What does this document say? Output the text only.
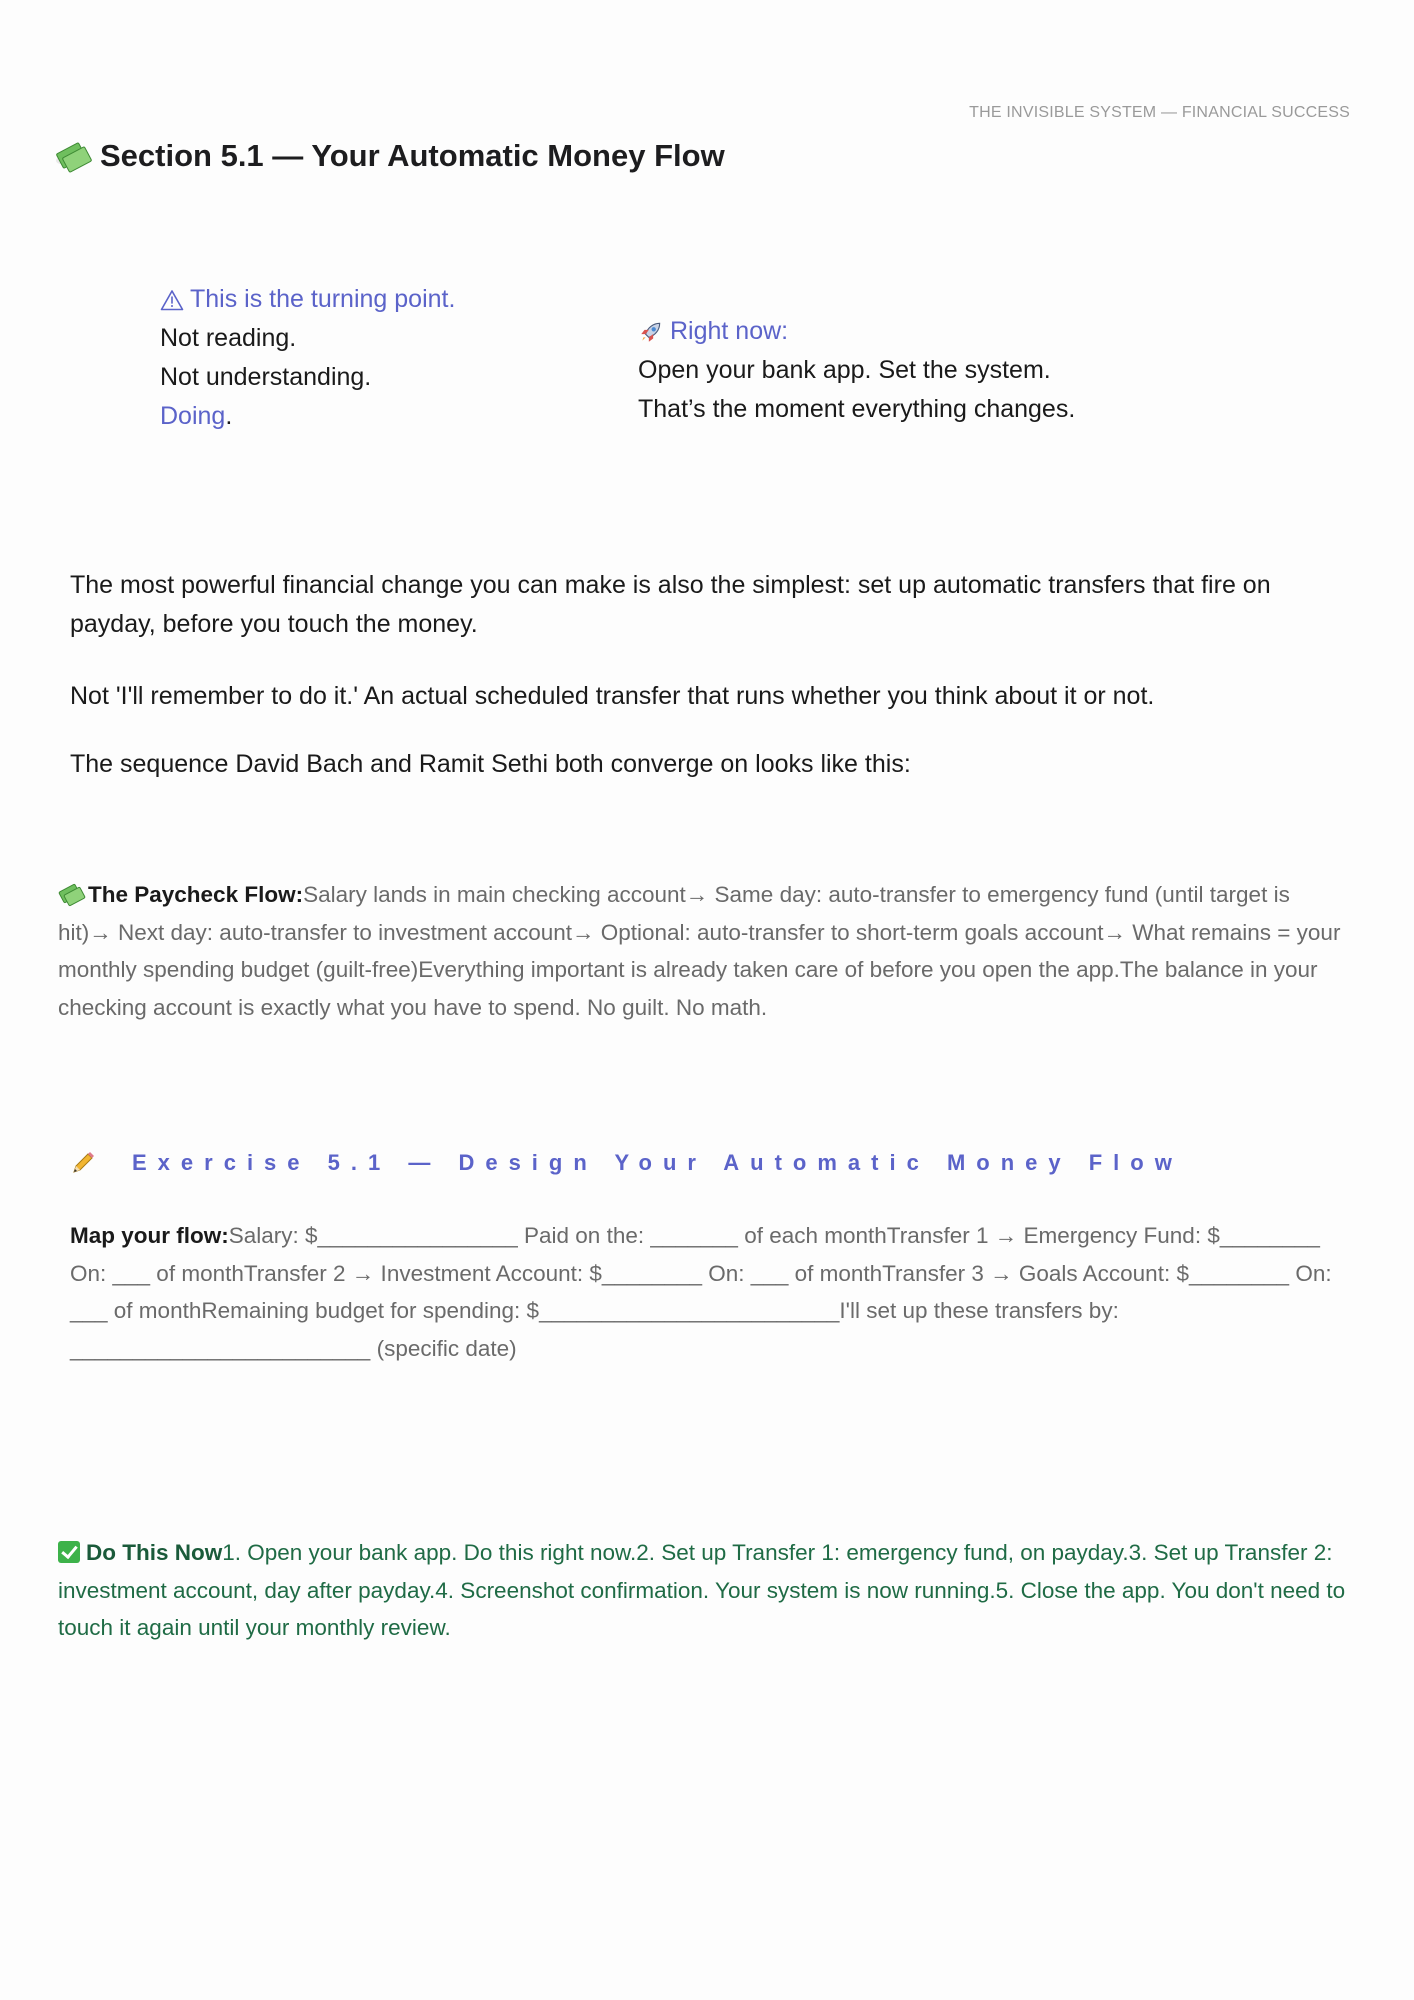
THE INVISIBLE SYSTEM — FINANCIAL SUCCESS
Section 5.1 — Your Automatic Money Flow
This is the turning point.
Not reading.
Not understanding.
Doing.
Right now:
Open your bank app. Set the system.
That’s the moment everything changes.

The most powerful financial change you can make is also the simplest: set up automatic transfers that fire on payday, before you touch the money.

Not 'I'll remember to do it.' An actual scheduled transfer that runs whether you think about it or not.

The sequence David Bach and Ramit Sethi both converge on looks like this:

The Paycheck Flow:Salary lands in main checking account→ Same day: auto-transfer to emergency fund (until target is hit)→ Next day: auto-transfer to investment account→ Optional: auto-transfer to short-term goals account→ What remains = your monthly spending budget (guilt-free)Everything important is already taken care of before you open the app.The balance in your checking account is exactly what you have to spend. No guilt. No math.
Exercise 5.1 — Design Your Automatic Money Flow
Map your flow:Salary: $________________ Paid on the: _______ of each monthTransfer 1 → Emergency Fund: $________ On: ___ of monthTransfer 2 → Investment Account: $________ On: ___ of monthTransfer 3 → Goals Account: $________ On: ___ of monthRemaining budget for spending: $________________________I'll set up these transfers by: ________________________ (specific date)
Do This Now1. Open your bank app. Do this right now.2. Set up Transfer 1: emergency fund, on payday.3. Set up Transfer 2: investment account, day after payday.4. Screenshot confirmation. Your system is now running.5. Close the app. You don't need to touch it again until your monthly review.
